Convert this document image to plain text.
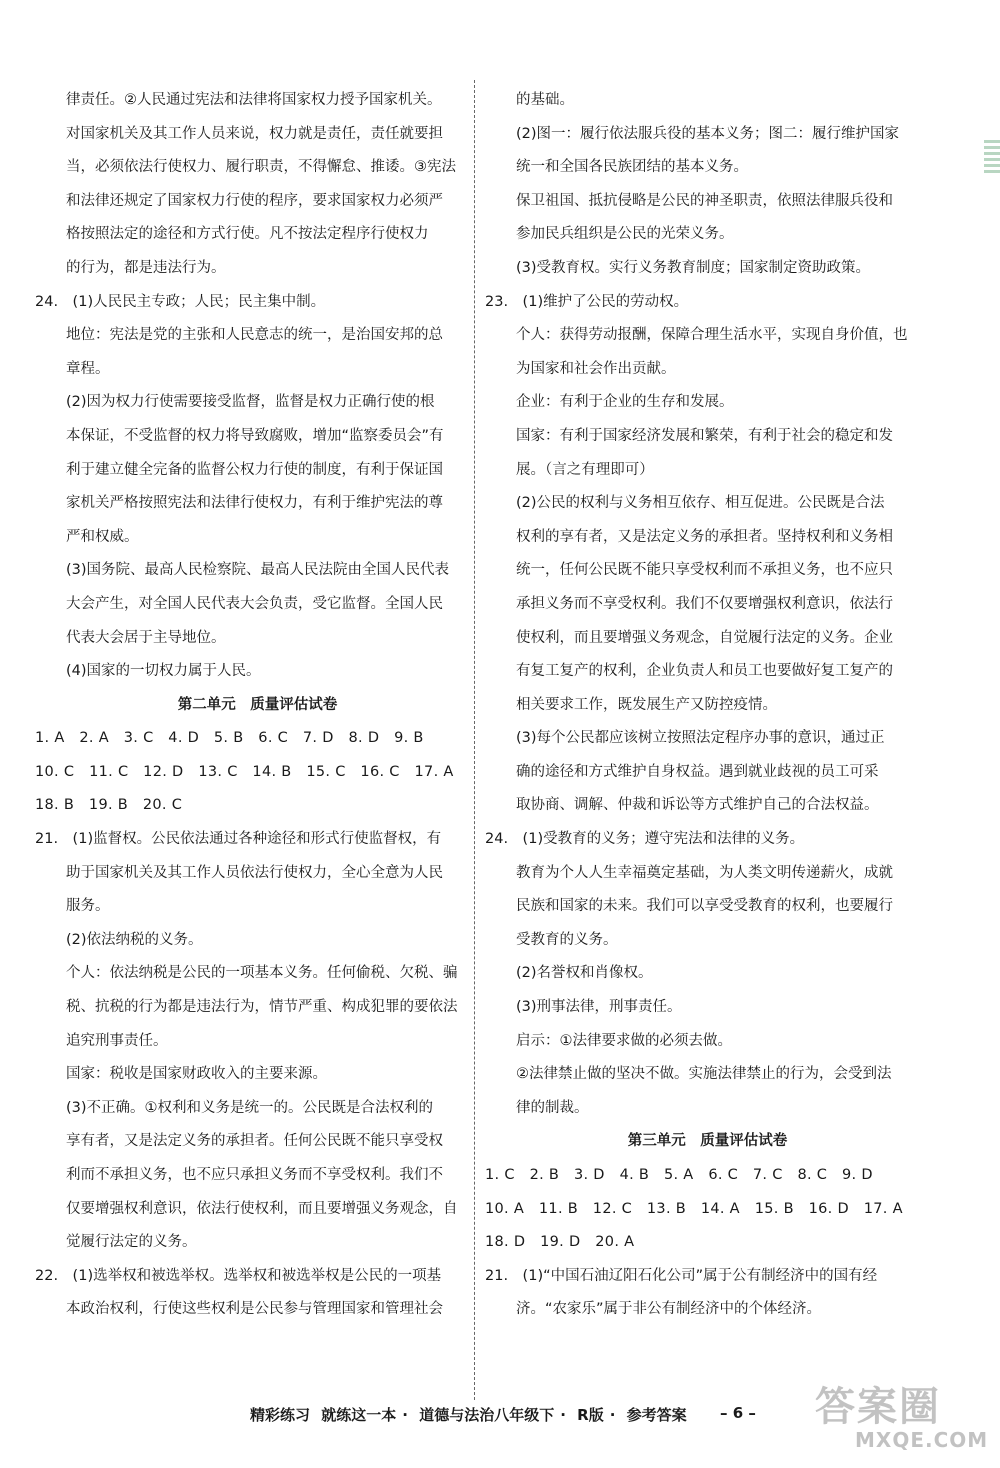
律责任。②人民通过宪法和法律将国家权力授予国家机关。
对国家机关及其工作人员来说，权力就是责任，责任就要担
当，必须依法行使权力、履行职责，不得懈怠、推诿。③宪法
和法律还规定了国家权力行使的程序，要求国家权力必须严
格按照法定的途径和方式行使。凡不按法定程序行使权力
的行为，都是违法行为。
24.　(1)人民民主专政；人民；民主集中制。
地位：宪法是党的主张和人民意志的统一，是治国安邦的总
章程。
(2)因为权力行使需要接受监督，监督是权力正确行使的根
本保证，不受监督的权力将导致腐败，增加“监察委员会”有
利于建立健全完备的监督公权力行使的制度，有利于保证国
家机关严格按照宪法和法律行使权力，有利于维护宪法的尊
严和权威。
(3)国务院、最高人民检察院、最高人民法院由全国人民代表
大会产生，对全国人民代表大会负责，受它监督。全国人民
代表大会居于主导地位。
(4)国家的一切权力属于人民。
第二单元　质量评估试卷
1. A　2. A　3. C　4. D　5. B　6. C　7. D　8. D　9. B
10. C　11. C　12. D　13. C　14. B　15. C　16. C　17. A
18. B　19. B　20. C
21.　(1)监督权。公民依法通过各种途径和形式行使监督权，有
助于国家机关及其工作人员依法行使权力，全心全意为人民
服务。
(2)依法纳税的义务。
个人：依法纳税是公民的一项基本义务。任何偷税、欠税、骗
税、抗税的行为都是违法行为，情节严重、构成犯罪的要依法
追究刑事责任。
国家：税收是国家财政收入的主要来源。
(3)不正确。①权利和义务是统一的。公民既是合法权利的
享有者，又是法定义务的承担者。任何公民既不能只享受权
利而不承担义务，也不应只承担义务而不享受权利。我们不
仅要增强权利意识，依法行使权利，而且要增强义务观念，自
觉履行法定的义务。
22.　(1)选举权和被选举权。选举权和被选举权是公民的一项基
本政治权利，行使这些权利是公民参与管理国家和管理社会
的基础。
(2)图一：履行依法服兵役的基本义务；图二：履行维护国家
统一和全国各民族团结的基本义务。
保卫祖国、抵抗侵略是公民的神圣职责，依照法律服兵役和
参加民兵组织是公民的光荣义务。
(3)受教育权。实行义务教育制度；国家制定资助政策。
23.　(1)维护了公民的劳动权。
个人：获得劳动报酬，保障合理生活水平，实现自身价值，也
为国家和社会作出贡献。
企业：有利于企业的生存和发展。
国家：有利于国家经济发展和繁荣，有利于社会的稳定和发
展。（言之有理即可）
(2)公民的权利与义务相互依存、相互促进。公民既是合法
权利的享有者，又是法定义务的承担者。坚持权利和义务相
统一，任何公民既不能只享受权利而不承担义务，也不应只
承担义务而不享受权利。我们不仅要增强权利意识，依法行
使权利，而且要增强义务观念，自觉履行法定的义务。企业
有复工复产的权利，企业负责人和员工也要做好复工复产的
相关要求工作，既发展生产又防控疫情。
(3)每个公民都应该树立按照法定程序办事的意识，通过正
确的途径和方式维护自身权益。遇到就业歧视的员工可采
取协商、调解、仲裁和诉讼等方式维护自己的合法权益。
24.　(1)受教育的义务；遵守宪法和法律的义务。
教育为个人人生幸福奠定基础，为人类文明传递薪火，成就
民族和国家的未来。我们可以享受受教育的权利，也要履行
受教育的义务。
(2)名誉权和肖像权。
(3)刑事法律，刑事责任。
启示：①法律要求做的必须去做。
②法律禁止做的坚决不做。实施法律禁止的行为，会受到法
律的制裁。
第三单元　质量评估试卷
1. C　2. B　3. D　4. B　5. A　6. C　7. C　8. C　9. D
10. A　11. B　12. C　13. B　14. A　15. B　16. D　17. A
18. D　19. D　20. A
21.　(1)“中国石油辽阳石化公司”属于公有制经济中的国有经
济。“农家乐”属于非公有制经济中的个体经济。
精彩练习 就练这一本 · 道德与法治八年级下 · R版 · 参考答案	– 6 – 答案圈
MXQE.COM
